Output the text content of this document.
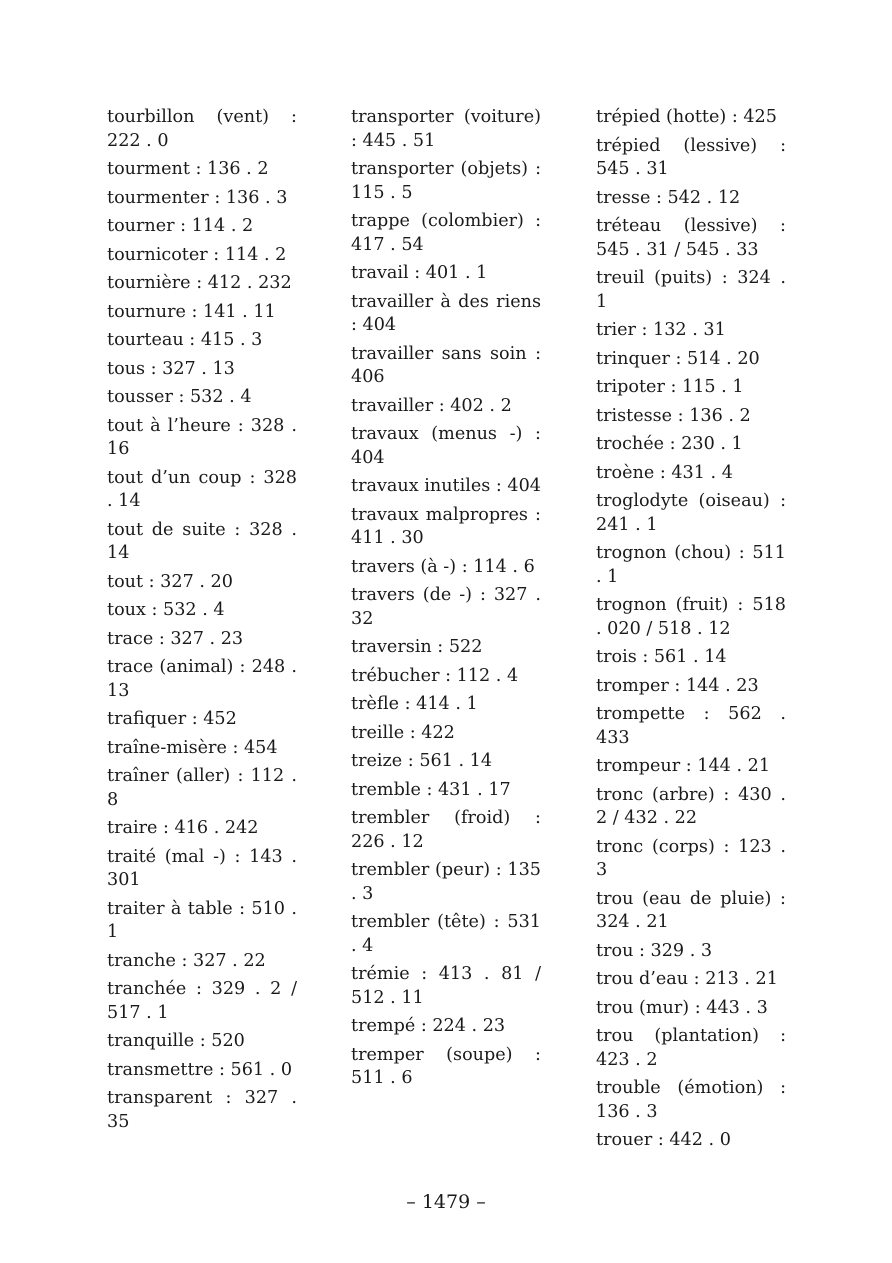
tourbillon (vent) : 222 . 0
tourment : 136 . 2
tourmenter : 136 . 3
tourner : 114 . 2
tournicoter : 114 . 2
tournière : 412 . 232
tournure : 141 . 11
tourteau : 415 . 3
tous : 327 . 13
tousser : 532 . 4
tout à l’heure : 328 . 16
tout d’un coup : 328 . 14
tout de suite : 328 . 14
tout : 327 . 20
toux : 532 . 4
trace : 327 . 23
trace (animal) : 248 . 13
trafiquer : 452
traîne-misère : 454
traîner (aller) : 112 . 8
traire : 416 . 242
traité (mal -) : 143 . 301
traiter à table : 510 . 1
tranche : 327 . 22
tranchée : 329 . 2 / 517 . 1
tranquille : 520
transmettre : 561 . 0
transparent : 327 . 35
transporter (voiture) : 445 . 51
transporter (objets) : 115 . 5
trappe (colombier) : 417 . 54
travail : 401 . 1
travailler à des riens : 404
travailler sans soin : 406
travailler : 402 . 2
travaux (menus -) : 404
travaux inutiles : 404
travaux malpropres : 411 . 30
travers (à -) : 114 . 6
travers (de -) : 327 . 32
traversin : 522
trébucher : 112 . 4
trèfle : 414 . 1
treille : 422
treize : 561 . 14
tremble : 431 . 17
trembler (froid) : 226 . 12
trembler (peur) : 135 . 3
trembler (tête) : 531 . 4
trémie : 413 . 81 / 512 . 11
trempé : 224 . 23
tremper (soupe) : 511 . 6
trépied (hotte) : 425
trépied (lessive) : 545 . 31
tresse : 542 . 12
tréteau (lessive) : 545 . 31 / 545 . 33
treuil (puits) : 324 . 1
trier : 132 . 31
trinquer : 514 . 20
tripoter : 115 . 1
tristesse : 136 . 2
trochée : 230 . 1
troène : 431 . 4
troglodyte (oiseau) : 241 . 1
trognon (chou) : 511 . 1
trognon (fruit) : 518 . 020 / 518 . 12
trois : 561 . 14
tromper : 144 . 23
trompette : 562 . 433
trompeur : 144 . 21
tronc (arbre) : 430 . 2 / 432 . 22
tronc (corps) : 123 . 3
trou (eau de pluie) : 324 . 21
trou : 329 . 3
trou d’eau : 213 . 21
trou (mur) : 443 . 3
trou (plantation) : 423 . 2
trouble (émotion) : 136 . 3
trouer : 442 . 0
– 1479 –
